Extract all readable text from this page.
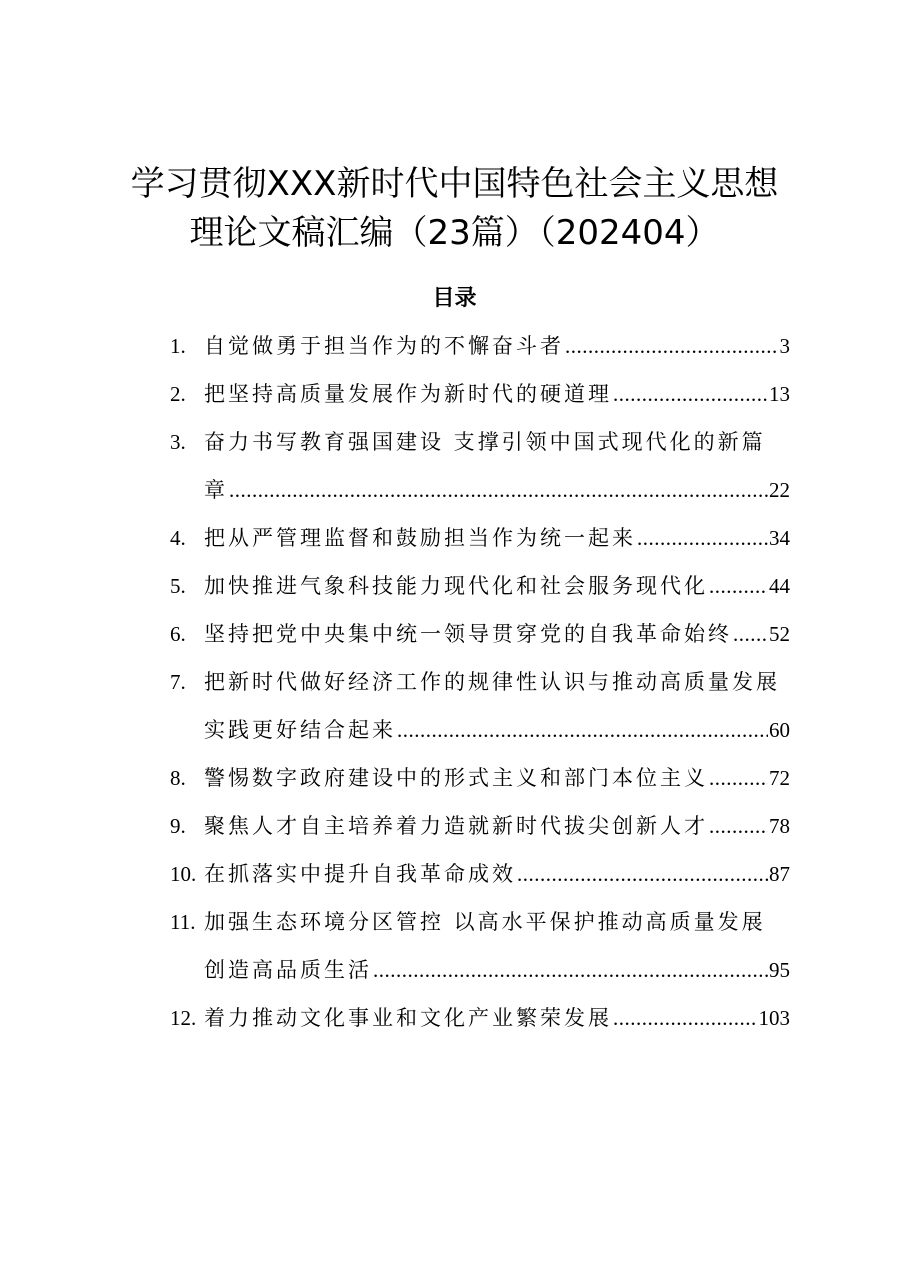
学习贯彻XXX新时代中国特色社会主义思想
理论文稿汇编（23篇）（202404）
目录
1. 自觉做勇于担当作为的不懈奋斗者 .....	3
2. 把坚持高质量发展作为新时代的硬道理 .....	13
3. 奋力书写教育强国建设 支撑引领中国式现代化的新篇
章 .....	22
4. 把从严管理监督和鼓励担当作为统一起来 .....	34
5. 加快推进气象科技能力现代化和社会服务现代化 .....	44
6. 坚持把党中央集中统一领导贯穿党的自我革命始终 ..... 52
7. 把新时代做好经济工作的规律性认识与推动高质量发展
实践更好结合起来 .....	60
8. 警惕数字政府建设中的形式主义和部门本位主义 .....	72
9. 聚焦人才自主培养着力造就新时代拔尖创新人才 .....	78
10. 在抓落实中提升自我革命成效 .....	87
11. 加强生态环境分区管控 以高水平保护推动高质量发展
创造高品质生活 .....	95
12. 着力推动文化事业和文化产业繁荣发展 .....	103
